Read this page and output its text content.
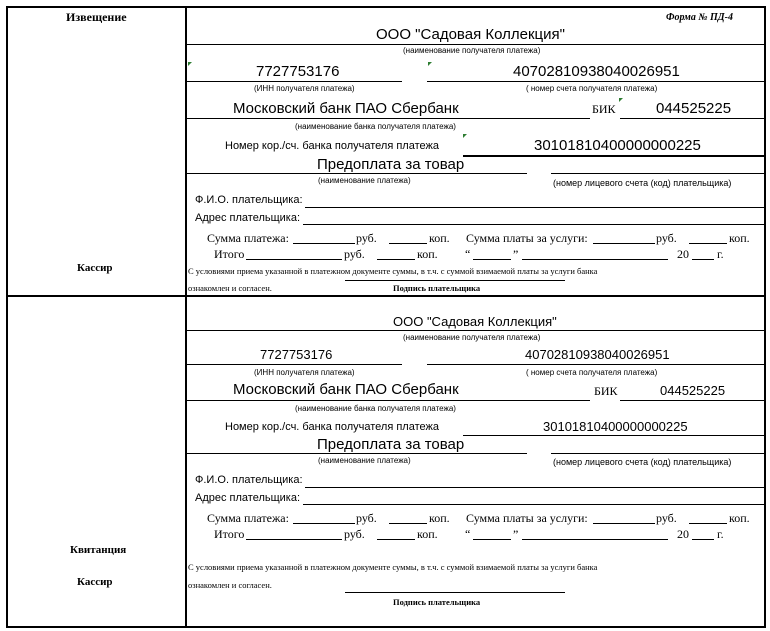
Извещение
Кассир
Квитанция
Кассир
Форма № ПД-4
ООО "Садовая Коллекция"
(наименование получателя платежа)
7727753176	40702810938040026951
(ИНН получателя платежа)	( номер счета получателя платежа)
Московский банк ПАО Сбербанк	БИК	044525225
(наименование банка получателя платежа)
Номер кор./сч. банка получателя платежа	30101810400000000225
Предоплата за товар
(наименование платежа)	(номер лицевого счета (код) плательщика)
Ф.И.О. плательщика:
Адрес плательщика:
Сумма платежа:	руб.	коп. Сумма платы за услуги:	руб.	коп.
Итого	руб.	коп. “	”	20 г.
С условиями приема указанной в платежном документе суммы, в т.ч. с суммой взимаемой платы за услуги банка
ознакомлен и согласен.	Подпись плательщика
ООО "Садовая Коллекция"
(наименование получателя платежа)
7727753176	40702810938040026951
(ИНН получателя платежа)	( номер счета получателя платежа)
Московский банк ПАО Сбербанк	БИК	044525225
(наименование банка получателя платежа)
Номер кор./сч. банка получателя платежа	30101810400000000225
Предоплата за товар
(наименование платежа)	(номер лицевого счета (код) плательщика)
Ф.И.О. плательщика:
Адрес плательщика:
Сумма платежа:	руб.	коп. Сумма платы за услуги:	руб.	коп.
Итого	руб.	коп. “	”	20 г.
С условиями приема указанной в платежном документе суммы, в т.ч. с суммой взимаемой платы за услуги банка
ознакомлен и согласен.
Подпись плательщика
